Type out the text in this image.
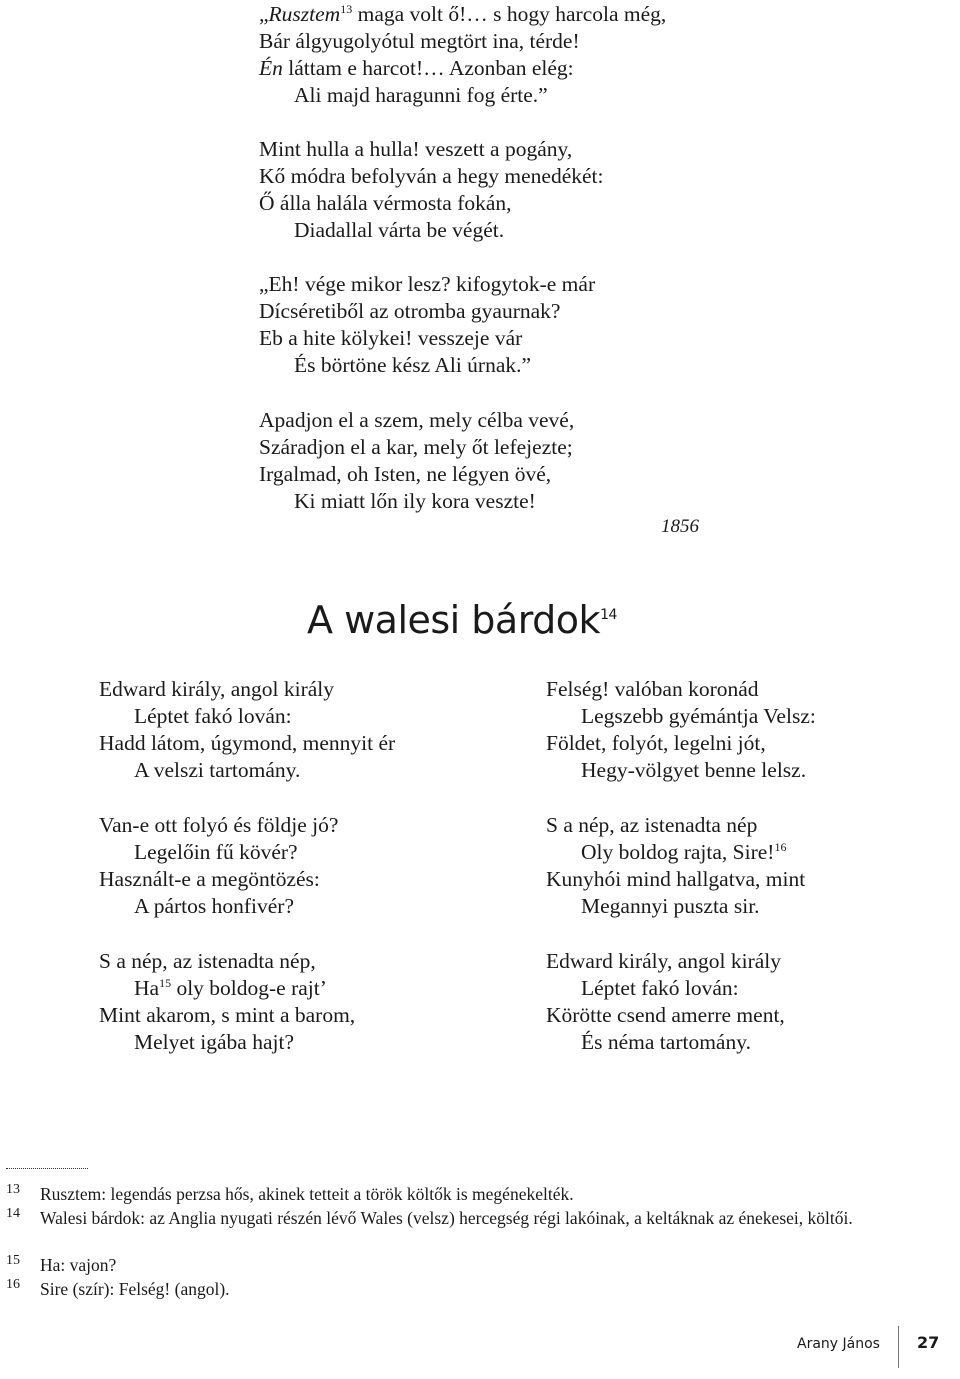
„Rusztem$^{13}$ maga volt ő!… s hogy harcola még,
Bár álgyugolyótul megtört ina, térde!
Én láttam e harcot!… Azonban elég:
Ali majd haragunni fog érte.”
Mint hulla a hulla! veszett a pogány,
Kő módra befolyván a hegy menedékét:
Ő álla halála vérmosta fokán,
Diadallal várta be végét.
„Eh! vége mikor lesz? kifogytok-e már
Dícséretiből az otromba gyaurnak?
Eb a hite kölykei! vesszeje vár
És börtöne kész Ali úrnak.”
Apadjon el a szem, mely célba vevé,
Száradjon el a kar, mely őt lefejezte;
Irgalmad, oh Isten, ne légyen övé,
Ki miatt lőn ily kora veszte!
1856
A walesi bárdok$^{14}$
Edward király, angol király
Léptet fakó lován:
Hadd látom, úgymond, mennyit ér
A velszi tartomány.
Van-e ott folyó és földje jó?
Legelőin fű kövér?
Használt-e a megöntözés:
A pártos honfivér?
S a nép, az istenadta nép,
Ha$^{15}$ oly boldog-e rajt’
Mint akarom, s mint a barom,
Melyet igába hajt?
Felség! valóban koronád
Legszebb gyémántja Velsz:
Földet, folyót, legelni jót,
Hegy-völgyet benne lelsz.
S a nép, az istenadta nép
Oly boldog rajta, Sire!$^{16}$
Kunyhói mind hallgatva, mint
Megannyi puszta sir.
Edward király, angol király
Léptet fakó lován:
Körötte csend amerre ment,
És néma tartomány.
13 Rusztem: legendás perzsa hős, akinek tetteit a török költők is megénekelték.
14 Walesi bárdok: az Anglia nyugati részén lévő Wales (velsz) hercegség régi lakóinak, a keltáknak az énekesei, költői.
15 Ha: vajon?
16 Sire (szír): Felség! (angol).
Arany János 27
